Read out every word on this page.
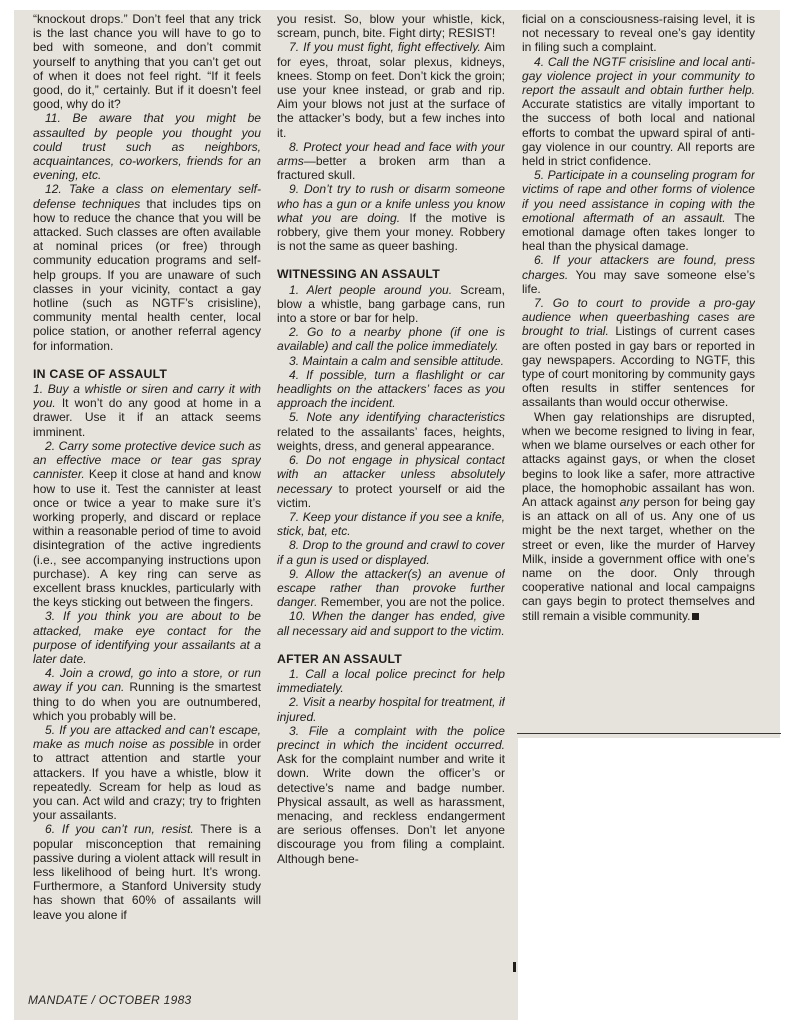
“knockout drops.” Don’t feel that any trick is the last chance you will have to go to bed with someone, and don’t commit yourself to anything that you can’t get out of when it does not feel right. “If it feels good, do it,” certainly. But if it doesn’t feel good, why do it?

11. Be aware that you might be assaulted by people you thought you could trust such as neighbors, acquaintances, co-workers, friends for an evening, etc.

12. Take a class on elementary self-defense techniques that includes tips on how to reduce the chance that you will be attacked. Such classes are often available at nominal prices (or free) through community education programs and self-help groups. If you are unaware of such classes in your vicinity, contact a gay hotline (such as NGTF’s crisisline), community mental health center, local police station, or another referral agency for information.

IN CASE OF ASSAULT

1. Buy a whistle or siren and carry it with you. It won’t do any good at home in a drawer. Use it if an attack seems imminent.

2. Carry some protective device such as an effective mace or tear gas spray cannister. Keep it close at hand and know how to use it. Test the cannister at least once or twice a year to make sure it’s working properly, and discard or replace within a reasonable period of time to avoid disintegration of the active ingredients (i.e., see accompanying instructions upon purchase). A key ring can serve as excellent brass knuckles, particularly with the keys sticking out between the fingers.

3. If you think you are about to be attacked, make eye contact for the purpose of identifying your assailants at a later date.

4. Join a crowd, go into a store, or run away if you can. Running is the smartest thing to do when you are outnumbered, which you probably will be.

5. If you are attacked and can’t escape, make as much noise as possible in order to attract attention and startle your attackers. If you have a whistle, blow it repeatedly. Scream for help as loud as you can. Act wild and crazy; try to frighten your assailants.

6. If you can’t run, resist. There is a popular misconception that remaining passive during a violent attack will result in less likelihood of being hurt. It’s wrong. Furthermore, a Stanford University study has shown that 60% of assailants will leave you alone if

you resist. So, blow your whistle, kick, scream, punch, bite. Fight dirty; RESIST!

7. If you must fight, fight effectively. Aim for eyes, throat, solar plexus, kidneys, knees. Stomp on feet. Don’t kick the groin; use your knee instead, or grab and rip. Aim your blows not just at the surface of the attacker’s body, but a few inches into it.

8. Protect your head and face with your arms—better a broken arm than a fractured skull.

9. Don’t try to rush or disarm someone who has a gun or a knife unless you know what you are doing. If the motive is robbery, give them your money. Robbery is not the same as queer bashing.

WITNESSING AN ASSAULT

1. Alert people around you. Scream, blow a whistle, bang garbage cans, run into a store or bar for help.

2. Go to a nearby phone (if one is available) and call the police immediately.

3. Maintain a calm and sensible attitude.

4. If possible, turn a flashlight or car headlights on the attackers’ faces as you approach the incident.

5. Note any identifying characteristics related to the assailants’ faces, heights, weights, dress, and general appearance.

6. Do not engage in physical contact with an attacker unless absolutely necessary to protect yourself or aid the victim.

7. Keep your distance if you see a knife, stick, bat, etc.

8. Drop to the ground and crawl to cover if a gun is used or displayed.

9. Allow the attacker(s) an avenue of escape rather than provoke further danger. Remember, you are not the police.

10. When the danger has ended, give all necessary aid and support to the victim.

AFTER AN ASSAULT

1. Call a local police precinct for help immediately.

2. Visit a nearby hospital for treatment, if injured.

3. File a complaint with the police precinct in which the incident occurred. Ask for the complaint number and write it down. Write down the officer’s or detective’s name and badge number. Physical assault, as well as harassment, menacing, and reckless endangerment are serious offenses. Don’t let anyone discourage you from filing a complaint. Although bene-

ficial on a consciousness-raising level, it is not necessary to reveal one’s gay identity in filing such a complaint.

4. Call the NGTF crisisline and local anti-gay violence project in your community to report the assault and obtain further help. Accurate statistics are vitally important to the success of both local and national efforts to combat the upward spiral of anti-gay violence in our country. All reports are held in strict confidence.

5. Participate in a counseling program for victims of rape and other forms of violence if you need assistance in coping with the emotional aftermath of an assault. The emotional damage often takes longer to heal than the physical damage.

6. If your attackers are found, press charges. You may save someone else’s life.

7. Go to court to provide a pro-gay audience when queerbashing cases are brought to trial. Listings of current cases are often posted in gay bars or reported in gay newspapers. According to NGTF, this type of court monitoring by community gays often results in stiffer sentences for assailants than would occur otherwise.

When gay relationships are disrupted, when we become resigned to living in fear, when we blame ourselves or each other for attacks against gays, or when the closet begins to look like a safer, more attractive place, the homophobic assailant has won. An attack against any person for being gay is an attack on all of us. Any one of us might be the next target, whether on the street or even, like the murder of Harvey Milk, inside a government office with one’s name on the door. Only through cooperative national and local campaigns can gays begin to protect themselves and still remain a visible community.

MANDATE / OCTOBER 1983
